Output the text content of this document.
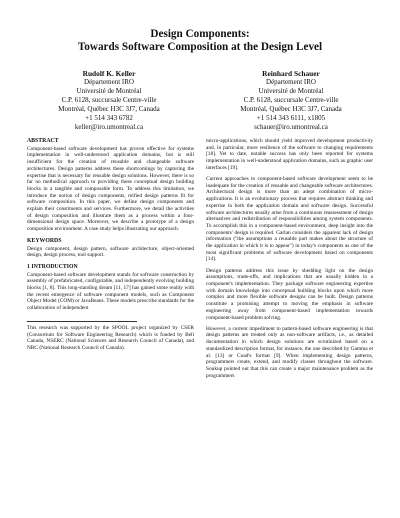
Design Components:
Towards Software Composition at the Design Level
Rudolf K. Keller
Département IRO
Université de Montréal
C.P. 6128, succursale Centre-ville
Montréal, Québec H3C 3J7, Canada
+1 514 343 6782
keller@iro.umontreal.ca
Reinhard Schauer
Département IRO
Université de Montréal
C.P. 6128, succursale Centre-ville
Montréal, Québec H3C 3J7, Canada
+1 514 343 6111, x1805
schauer@iro.umontreal.ca
ABSTRACT

Component-based software development has proven effective for systems implementation in well-understood application domains, but is still insufficient for the creation of reusable and changeable software architectures. Design patterns address these shortcomings by capturing the expertise that is necessary for reusable design solutions. However, there is so far no methodical approach to providing these conceptual design building blocks in a tangible and composable form. To address this limitation, we introduce the notion of design components, reified design patterns fit for software composition. In this paper, we define design components and explain their constituents and services. Furthermore, we detail the activities of design composition and illustrate them as a process within a four-dimensional design space. Moreover, we describe a prototype of a design composition environment. A case study helps illustrating our approach.

KEYWORDS

Design component, design pattern, software architecture, object-oriented design, design process, tool support.

1 INTRODUCTION

Component-based software development stands for software construction by assembly of prefabricated, configurable, and independently evolving building blocks [1, 8]. This long-standing dream [11, 17] has gained some reality with the recent emergence of software component models, such as Component Object Model (COM) or JavaBeans. These models prescribe standards for the collaboration of independent

This research was supported by the SPOOL project organized by CSER (Consortium for Software Engineering Research) which is funded by Bell Canada, NSERC (National Sciences and Research Council of Canada), and NRC (National Research Council of Canada).

micro-applications, which should yield improved development productivity and, in particular, more resilience of the software to changing requirements [18]. Yet to date, notable success has only been reported for systems implementation in well-understood application domains, such as graphic user interfaces [19].

Current approaches to component-based software development seem to be inadequate for the creation of reusable and changeable software architectures. Architectural design is more than an adept combination of micro-applications. It is an evolutionary process that requires abstract thinking and expertise in both the application domain and software design. Successful software architectures usually arise from a continuous reassessment of design alternatives and redistribution of responsibilities among system components. To accomplish this in a component-based environment, deep insight into the components' design is required. Garlan considers the apparent lack of design information ("the assumptions a reusable part makes about the structure of the application in which it is to appear") in today's components as one of the most significant problems of software development based on components [14].

Design patterns address this issue by shedding light on the design assumptions, trade-offs, and implications that are usually hidden in a component's implementation. They package software engineering expertise with domain knowledge into conceptual building blocks upon which more complex and more flexible software designs can be built. Design patterns constitute a promising attempt to moving the emphasis in software engineering away from component-based implementation towards component-based problem solving.

However, a current impediment to pattern-based software engineering is that design patterns are treated only as non-software artifacts, i.e., as detailed documentation in which design solutions are scrutinized based on a standardized description format, for instance, the one described by Gamma et al. [13] or Coad's format [9]. When implementing design patterns, programmers create, extend, and modify classes throughout the software. Soukup pointed out that this can create a major maintenance problem as the programmers
